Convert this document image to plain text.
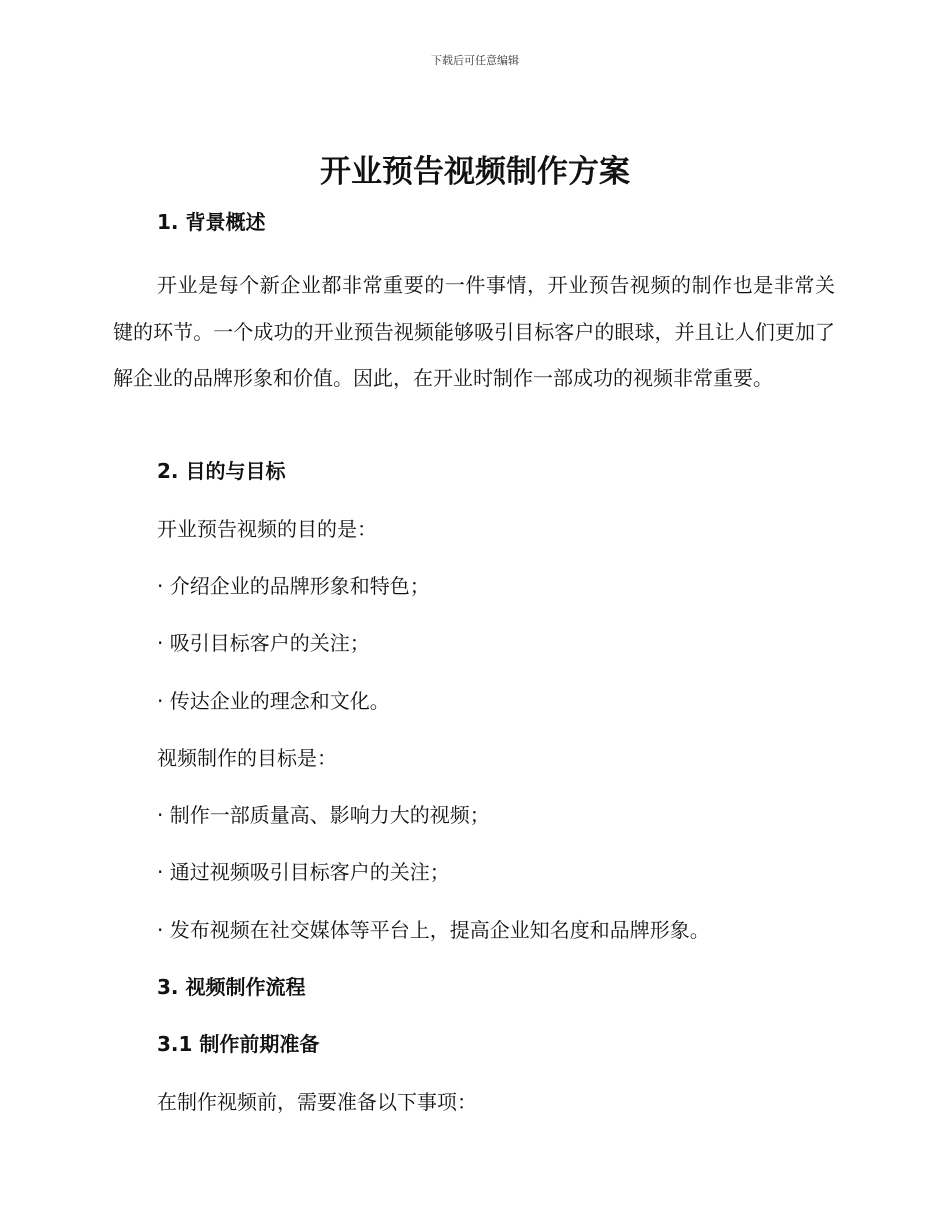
下载后可任意编辑
开业预告视频制作方案

1. 背景概述

开业是每个新企业都非常重要的一件事情，开业预告视频的制作也是非常关键的环节。一个成功的开业预告视频能够吸引目标客户的眼球，并且让人们更加了解企业的品牌形象和价值。因此，在开业时制作一部成功的视频非常重要。

2. 目的与目标

开业预告视频的目的是：

· 介绍企业的品牌形象和特色；

· 吸引目标客户的关注；

· 传达企业的理念和文化。

视频制作的目标是：

· 制作一部质量高、影响力大的视频；

· 通过视频吸引目标客户的关注；

· 发布视频在社交媒体等平台上，提高企业知名度和品牌形象。

3. 视频制作流程

3.1 制作前期准备

在制作视频前，需要准备以下事项：
